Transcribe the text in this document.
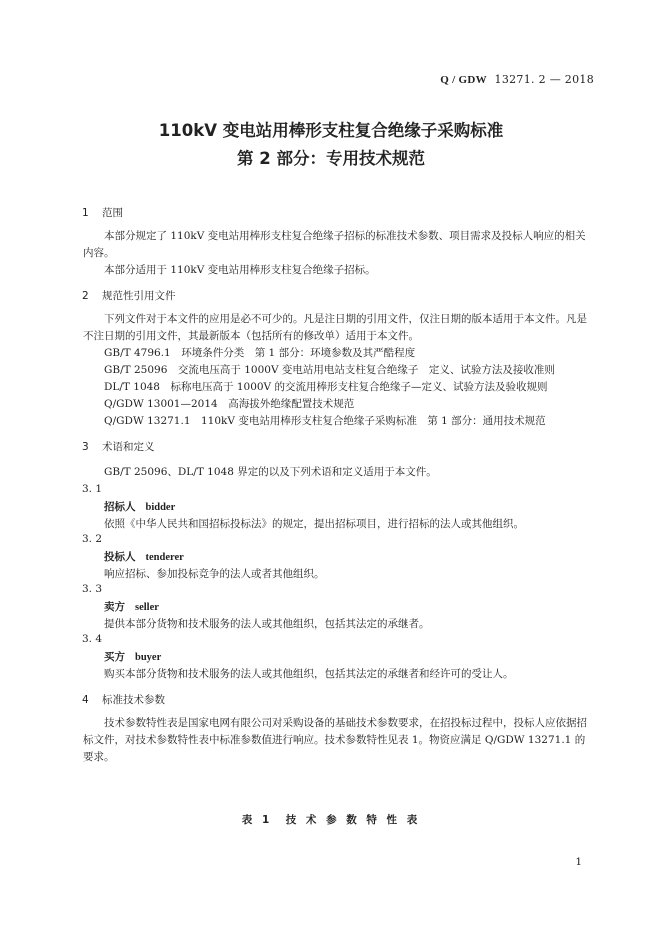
Q / GDW 13271. 2 — 2018
110kV 变电站用棒形支柱复合绝缘子采购标准
第 2 部分：专用技术规范
1 范围
本部分规定了 110kV 变电站用棒形支柱复合绝缘子招标的标准技术参数、项目需求及投标人响应的相关内容。
本部分适用于 110kV 变电站用棒形支柱复合绝缘子招标。
2 规范性引用文件
下列文件对于本文件的应用是必不可少的。凡是注日期的引用文件，仅注日期的版本适用于本文件。凡是不注日期的引用文件，其最新版本（包括所有的修改单）适用于本文件。
GB/T 4796.1　环境条件分类　第 1 部分：环境参数及其严酷程度
GB/T 25096　交流电压高于 1000V 变电站用电站支柱复合绝缘子　定义、试验方法及接收准则
DL/T 1048　标称电压高于 1000V 的交流用棒形支柱复合绝缘子—定义、试验方法及验收规则
Q/GDW 13001—2014　高海拔外绝缘配置技术规范
Q/GDW 13271.1　110kV 变电站用棒形支柱复合绝缘子采购标准　第 1 部分：通用技术规范
3 术语和定义
GB/T 25096、DL/T 1048 界定的以及下列术语和定义适用于本文件。
3. 1
招标人 bidder
依照《中华人民共和国招标投标法》的规定，提出招标项目，进行招标的法人或其他组织。
3. 2
投标人 tenderer
响应招标、参加投标竞争的法人或者其他组织。
3. 3
卖方 seller
提供本部分货物和技术服务的法人或其他组织，包括其法定的承继者。
3. 4
买方 buyer
购买本部分货物和技术服务的法人或其他组织，包括其法定的承继者和经许可的受让人。
4 标准技术参数
技术参数特性表是国家电网有限公司对采购设备的基础技术参数要求，在招投标过程中，投标人应依据招标文件，对技术参数特性表中标准参数值进行响应。技术参数特性见表 1。物资应满足 Q/GDW 13271.1 的要求。
表 1　技 术 参 数 特 性 表
1
